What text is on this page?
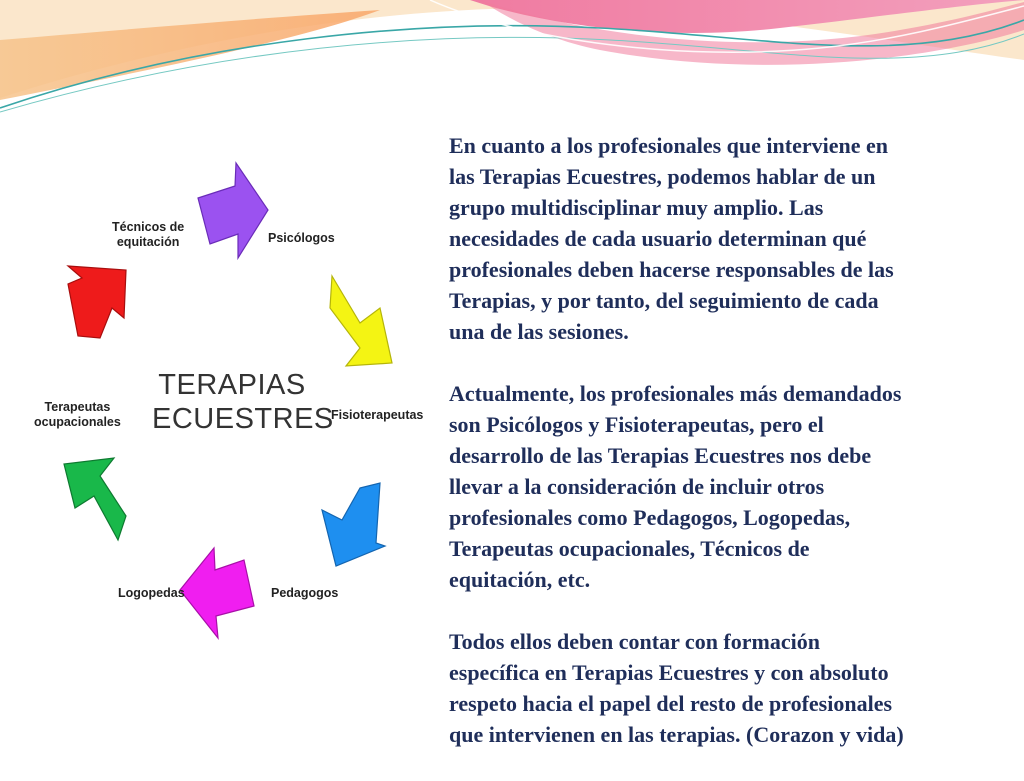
Técnicos de
equitación	Psicólogos
Fisioterapeutas
Pedagogos
Logopedas
Terapeutas
ocupacionales
TERAPIAS
ECUESTRES

En cuanto a los profesionales que interviene en
las Terapias Ecuestres, podemos hablar de un
grupo multidisciplinar muy amplio. Las
necesidades de cada usuario determinan qué
profesionales deben hacerse responsables de las
Terapias, y por tanto, del seguimiento de cada
una de las sesiones.

Actualmente, los profesionales más demandados
son Psicólogos y Fisioterapeutas, pero el
desarrollo de las Terapias Ecuestres nos debe
llevar a la consideración de incluir otros
profesionales como Pedagogos, Logopedas,
Terapeutas ocupacionales, Técnicos de
equitación, etc.

Todos ellos deben contar con formación
específica en Terapias Ecuestres y con absoluto
respeto hacia el papel del resto de profesionales
que intervienen en las terapias. (Corazon y vida)
